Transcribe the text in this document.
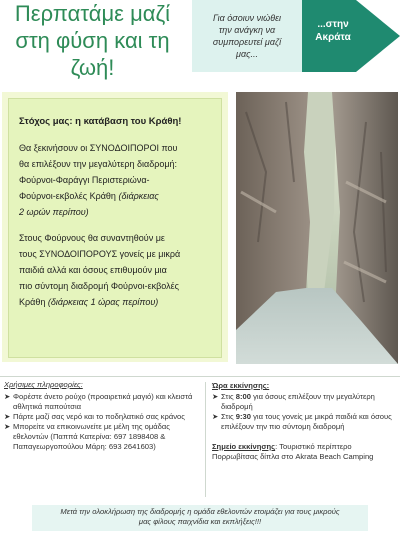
Περπατάμε μαζί
στη φύση και τη
ζωή!
Για όσοιυν νιώθει
την ανάγκη να
συμπορευτεί μαζί
μας...
...στην
Ακράτα
Στόχος μας: η κατάβαση του Κράθη!
Θα ξεκινήσουν οι ΣΥΝΟΔΟΙΠΟΡΟΙ που
θα επιλέξουν την μεγαλύτερη διαδρομή:
Φούρνοι-Φαράγγι Περιστεριώνα-
Φούρνοι-εκβολές Κράθη (διάρκειας
2 ωρών περίπου)
Στους Φούρνους θα συναντηθούν με
τους ΣΥΝΟΔΟΙΠΟΡΟΥΣ γονείς με μικρά
παιδιά αλλά και όσους επιθυμούν μια
πιο σύντομη διαδρομή Φούρνοι-εκβολές
Κράθη (διάρκειας 1 ώρας περίπου)
Χρήσιμες πληροφορίες:
➤ Φορέστε άνετο ρούχο (προαιρετικά μαγιό) και κλειστά αθλητικά παπούτσια
➤ Πάρτε μαζί σας νερό και το ποδηλατικό σας κράνος
➤ Μπορείτε να επικοινωνείτε με μέλη της ομάδας εθελοντών (Παππά Κατερίνα: 697 1898408 & Παπαγεωργοπούλου Μάρη: 693 2641603)
Ώρα εκκίνησης:
➤ Στις 8:00 για όσους επιλέξουν την μεγαλύτερη διαδρομή
➤ Στις 9:30 για τους γονείς με μικρά παιδιά και όσους επιλέξουν την πιο σύντομη διαδρομή
Σημείο εκκίνησης: Τουριστικό περίπτερο Πορρωβίτσας δίπλα στο Akrata Beach Camping
Μετά την ολοκλήρωση της διαδρομής η ομάδα εθελοντών ετοιμάζει για τους μικρούς
μας φίλους παιχνίδια και εκπλήξεις!!!
